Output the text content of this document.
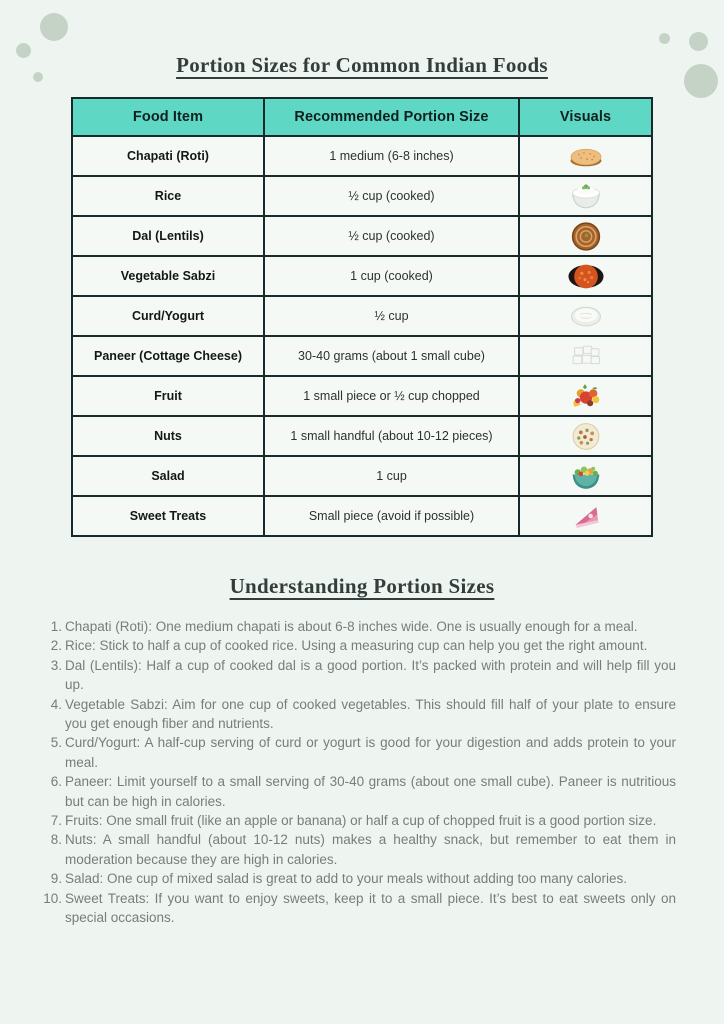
Portion Sizes for Common Indian Foods
Food Item	Recommended Portion Size	Visuals
Chapati (Roti)	1 medium (6-8 inches)	

Rice	½ cup (cooked)	

Dal (Lentils)	½ cup (cooked)	

Vegetable Sabzi	1 cup (cooked)	

Curd/Yogurt	½ cup	

Paneer (Cottage Cheese)	30-40 grams (about 1 small cube)	

Fruit	1 small piece or ½ cup chopped	

Nuts	1 small handful (about 10-12 pieces)	

Salad	1 cup	

Sweet Treats	Small piece (avoid if possible)	
Understanding Portion Sizes
1. Chapati (Roti): One medium chapati is about 6-8 inches wide. One is usually enough for a meal.
2. Rice: Stick to half a cup of cooked rice. Using a measuring cup can help you get the right amount.
3. Dal (Lentils): Half a cup of cooked dal is a good portion. It’s packed with protein and will help fill you up.
4. Vegetable Sabzi: Aim for one cup of cooked vegetables. This should fill half of your plate to ensure you get enough fiber and nutrients.
5. Curd/Yogurt: A half-cup serving of curd or yogurt is good for your digestion and adds protein to your meal.
6. Paneer: Limit yourself to a small serving of 30-40 grams (about one small cube). Paneer is nutritious but can be high in calories.
7. Fruits: One small fruit (like an apple or banana) or half a cup of chopped fruit is a good portion size.
8. Nuts: A small handful (about 10-12 nuts) makes a healthy snack, but remember to eat them in moderation because they are high in calories.
9. Salad: One cup of mixed salad is great to add to your meals without adding too many calories.
10. Sweet Treats: If you want to enjoy sweets, keep it to a small piece. It’s best to eat sweets only on special occasions.
